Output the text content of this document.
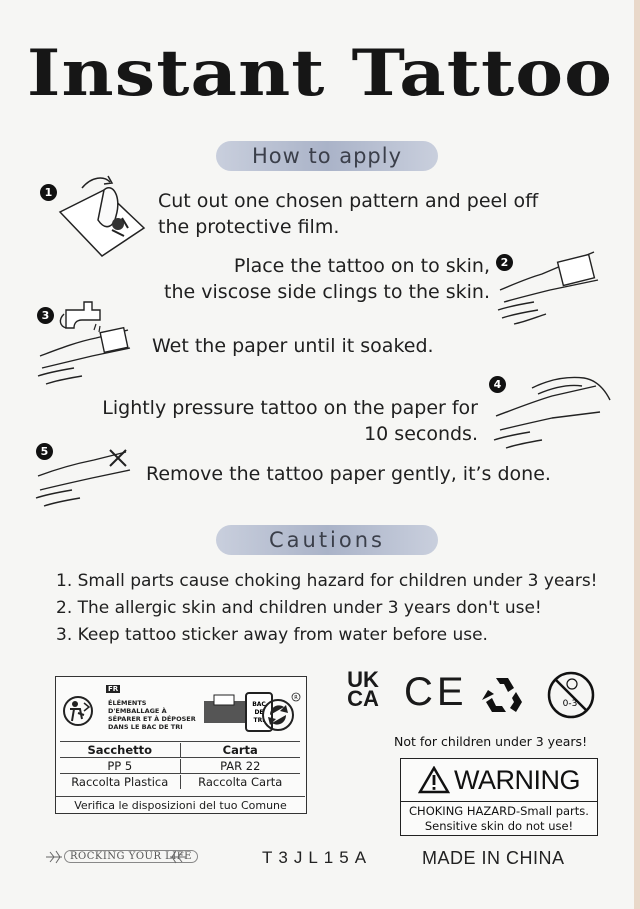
Instant Tattoo
How to apply
1	Cut out one chosen pattern and peel off
the protective film.
Place the tattoo on to skin,
the viscose side clings to the skin.
2
3
Wet the paper until it soaked.
Lightly pressure tattoo on the paper for
10 seconds.
4
5
Remove the tattoo paper gently, it’s done.
Cautions
1. Small parts cause choking hazard for children under 3 years!
2. The allergic skin and children under 3 years don't use!
3. Keep tattoo sticker away from water before use.
FR
ÉLÉMENTS D'EMBALLAGE À SÉPARER ET À DÉPOSER DANS LE BAC DE TRI
BAC
DE
TRI
R
Sacchetto	Carta
PP 5	PAR 22
Raccolta Plastica	Raccolta Carta
Verifica le disposizioni del tuo Comune
UK
CA CE	0-3
Not for children under 3 years!
WARNING
CHOKING HAZARD-Small parts.
Sensitive skin do not use!
ROCKING YOUR LIFE	T3JL15A	MADE IN CHINA
